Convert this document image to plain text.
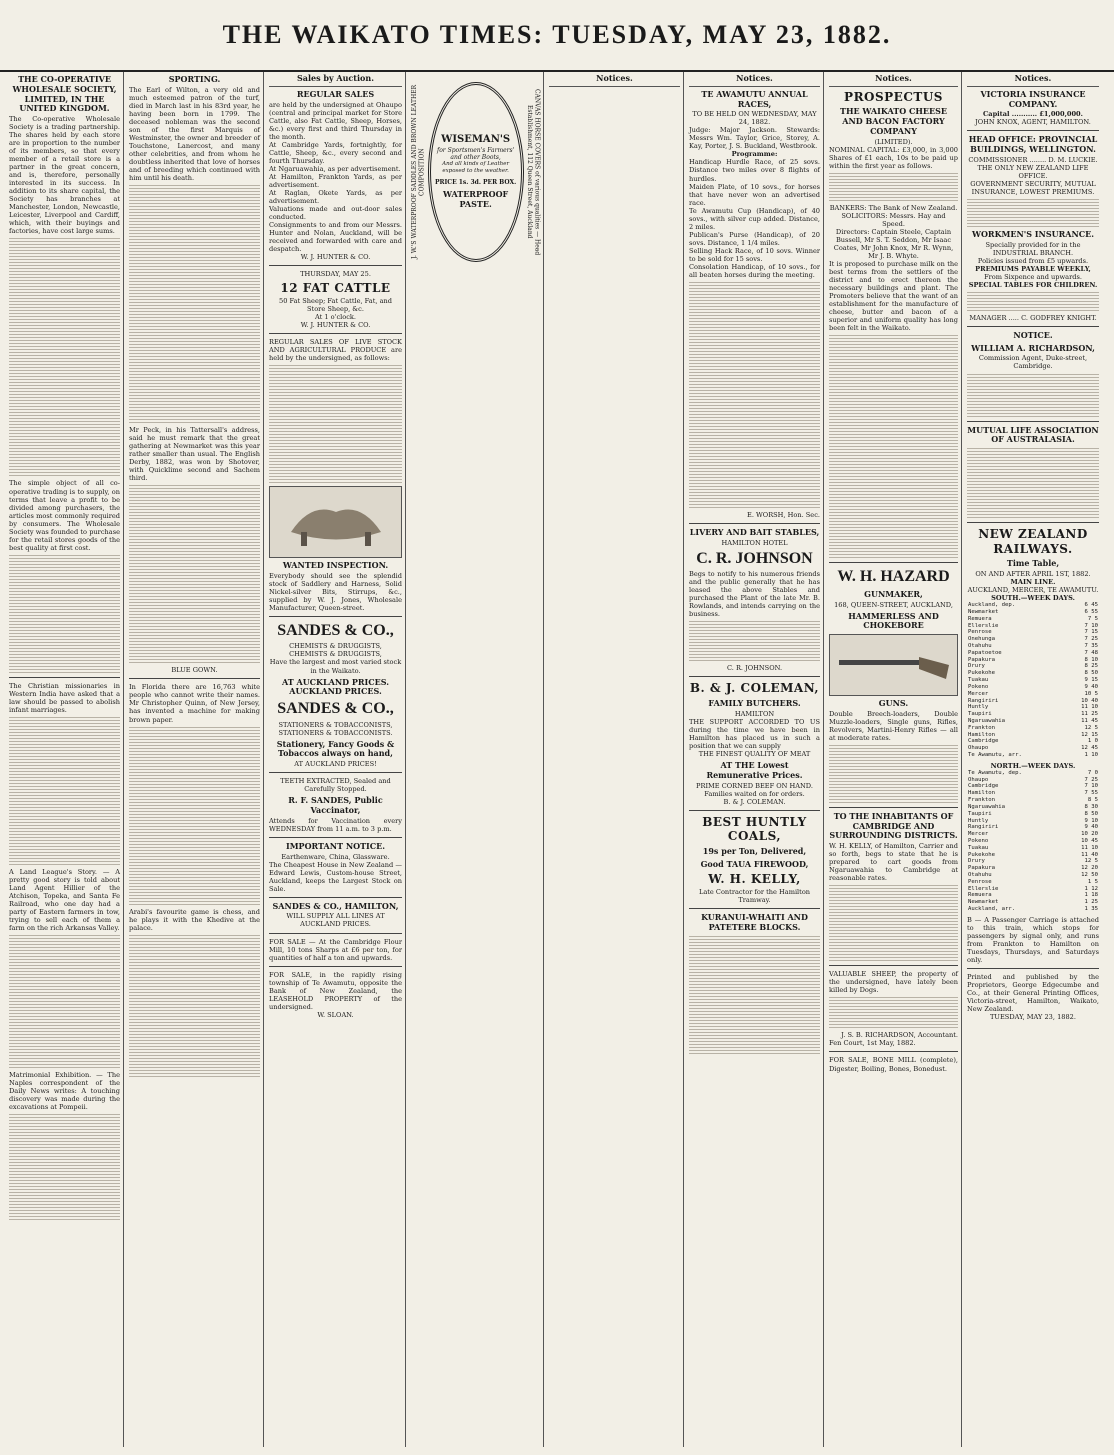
THE WAIKATO TIMES: TUESDAY, MAY 23, 1882.
THE CO-OPERATIVE WHOLESALE SOCIETY, LIMITED, IN THE UNITED KINGDOM.
The Co-operative Wholesale Society is a trading partnership. The shares held by each store are in proportion to the number of its members, so that every member of a retail store is a partner in the great concern, and is, therefore, personally interested in its success. In addition to its share capital, the Society has branches at Manchester, London, Newcastle, Leicester, Liverpool and Cardiff, which, with their buyings and factories, have cost large sums.
The simple object of all co-operative trading is to supply, on terms that leave a profit to be divided among purchasers, the articles most commonly required by consumers. The Wholesale Society was founded to purchase for the retail stores goods of the best quality at first cost.
The Christian missionaries in Western India have asked that a law should be passed to abolish infant marriages.
A Land League's Story. — A pretty good story is told about Land Agent Hillier of the Atchison, Topeka, and Santa Fe Railroad, who one day had a party of Eastern farmers in tow, trying to sell each of them a farm on the rich Arkansas Valley.
Matrimonial Exhibition. — The Naples correspondent of the Daily News writes: A touching discovery was made during the excavations at Pompeii.
SPORTING.
The Earl of Wilton, a very old and much esteemed patron of the turf, died in March last in his 83rd year, he having been born in 1799. The deceased nobleman was the second son of the first Marquis of Westminster, the owner and breeder of Touchstone, Lanercost, and many other celebrities, and from whom he doubtless inherited that love of horses and of breeding which continued with him until his death.
Mr Peck, in his Tattersall's address, said he must remark that the great gathering at Newmarket was this year rather smaller than usual. The English Derby, 1882, was won by Shotover, with Quicklime second and Sachem third.
BLUE GOWN.
In Florida there are 16,763 white people who cannot write their names. Mr Christopher Quinn, of New Jersey, has invented a machine for making brown paper.
Arabi's favourite game is chess, and he plays it with the Khedive at the palace.
Sales by Auction.
REGULAR SALES
are held by the undersigned at Ohaupo (central and principal market for Store Cattle, also Fat Cattle, Sheep, Horses, &c.) every first and third Thursday in the month.
At Cambridge Yards, fortnightly, for Cattle, Sheep, &c., every second and fourth Thursday.
At Ngaruawahia, as per advertisement.
At Hamilton, Frankton Yards, as per advertisement.
At Raglan, Okete Yards, as per advertisement.
Valuations made and out-door sales conducted.
Consignments to and from our Messrs. Hunter and Nolan, Auckland, will be received and forwarded with care and despatch.
W. J. HUNTER & CO.
THURSDAY, MAY 25.
12 FAT CATTLE
50 Fat Sheep; Fat Cattle, Fat, and Store Sheep, &c.
At 1 o'clock.
W. J. HUNTER & CO.
REGULAR SALES OF LIVE STOCK AND AGRICULTURAL PRODUCE are held by the undersigned, as follows:
WANTED INSPECTION.
Everybody should see the splendid stock of Saddlery and Harness, Solid Nickel-silver Bits, Stirrups, &c., supplied by W. J. Jones, Wholesale Manufacturer, Queen-street.
SANDES & CO.,
CHEMISTS & DRUGGISTS, CHEMISTS & DRUGGISTS,
Have the largest and most varied stock in the Waikato.
AT AUCKLAND PRICES. AUCKLAND PRICES.
SANDES & CO.,
STATIONERS & TOBACCONISTS, STATIONERS & TOBACCONISTS.
Stationery, Fancy Goods & Tobaccos always on hand,
AT AUCKLAND PRICES!
TEETH EXTRACTED, Sealed and Carefully Stopped.
R. F. SANDES, Public Vaccinator,
Attends for Vaccination every WEDNESDAY from 11 a.m. to 3 p.m.
IMPORTANT NOTICE.
Earthenware, China, Glassware.
The Cheapest House in New Zealand — Edward Lewis, Custom-house Street, Auckland, keeps the Largest Stock on Sale.
SANDES & CO., HAMILTON,
WILL SUPPLY ALL LINES AT AUCKLAND PRICES.
FOR SALE — At the Cambridge Flour Mill, 10 tons Sharps at £6 per ton, for quantities of half a ton and upwards.
FOR SALE, in the rapidly rising township of Te Awamutu, opposite the Bank of New Zealand, the LEASEHOLD PROPERTY of the undersigned.
W. SLOAN.
J. W.'S WATERPROOF SADDLES AND BROWN LEATHER COMPOSITION
WISEMAN'S
for Sportsmen's Farmers' and other Boots,
And all kinds of Leather exposed to the weather.
PRICE 1s. 3d. PER BOX.
WATERPROOF PASTE.	CANVAS HORSE COVERS of various qualities — Head Establishment, 112 Queen Street, Auckland
Notices.	Notices.
TE AWAMUTU ANNUAL RACES,
TO BE HELD ON WEDNESDAY, MAY 24, 1882.
Judge: Major Jackson. Stewards: Messrs Wm. Taylor, Grice, Storey, A. Kay, Porter, J. S. Buckland, Westbrook.
Programme:
Handicap Hurdle Race, of 25 sovs. Distance two miles over 8 flights of hurdles.
Maiden Plate, of 10 sovs., for horses that have never won an advertised race.
Te Awamutu Cup (Handicap), of 40 sovs., with silver cup added. Distance, 2 miles.
Publican's Purse (Handicap), of 20 sovs. Distance, 1 1/4 miles.
Selling Hack Race, of 10 sovs. Winner to be sold for 15 sovs.
Consolation Handicap, of 10 sovs., for all beaten horses during the meeting.
E. WORSH, Hon. Sec.
LIVERY AND BAIT STABLES,
HAMILTON HOTEL
C. R. JOHNSON
Begs to notify to his numerous friends and the public generally that he has leased the above Stables and purchased the Plant of the late Mr. B. Rowlands, and intends carrying on the business.
C. R. JOHNSON.
B. & J. COLEMAN,
FAMILY BUTCHERS.
HAMILTON
THE SUPPORT ACCORDED TO US during the time we have been in Hamilton has placed us in such a position that we can supply
THE FINEST QUALITY OF MEAT
AT THE Lowest Remunerative Prices.
PRIME CORNED BEEF ON HAND.
Families waited on for orders.
B. & J. COLEMAN.
BEST HUNTLY COALS,
19s per Ton, Delivered,
Good TAUA FIREWOOD,
W. H. KELLY,
Late Contractor for the Hamilton Tramway.
KURANUI-WHAITI AND PATETERE BLOCKS.
Notices.
PROSPECTUS
THE WAIKATO CHEESE AND BACON FACTORY COMPANY
(LIMITED).
NOMINAL CAPITAL: £3,000, in 3,000 Shares of £1 each, 10s to be paid up within the first year as follows.
BANKERS: The Bank of New Zealand.
SOLICITORS: Messrs. Hay and Speed.
Directors: Captain Steele, Captain Bussell, Mr S. T. Seddon, Mr Isaac Coates, Mr John Knox, Mr R. Wynn, Mr J. B. Whyte.
It is proposed to purchase milk on the best terms from the settlers of the district and to erect thereon the necessary buildings and plant. The Promoters believe that the want of an establishment for the manufacture of cheese, butter and bacon of a superior and uniform quality has long been felt in the Waikato.
W. H. HAZARD
GUNMAKER,
168, QUEEN-STREET, AUCKLAND,
HAMMERLESS AND CHOKEBORE
GUNS.
Double Breech-loaders, Double Muzzle-loaders, Single guns, Rifles, Revolvers, Martini-Henry Rifles — all at moderate rates.
TO THE INHABITANTS OF CAMBRIDGE AND SURROUNDING DISTRICTS.
W. H. KELLY, of Hamilton, Carrier and so forth, begs to state that he is prepared to cart goods from Ngaruawahia to Cambridge at reasonable rates.
VALUABLE SHEEP, the property of the undersigned, have lately been killed by Dogs.
J. S. B. RICHARDSON, Accountant.
Fen Court, 1st May, 1882.
FOR SALE, BONE MILL (complete), Digester, Boiling, Bones, Bonedust.
Notices.
VICTORIA INSURANCE COMPANY.
Capital ........... £1,000,000.
JOHN KNOX, AGENT, HAMILTON.
HEAD OFFICE: PROVINCIAL BUILDINGS, WELLINGTON.
COMMISSIONER ........ D. M. LUCKIE.
THE ONLY NEW ZEALAND LIFE OFFICE.
GOVERNMENT SECURITY, MUTUAL INSURANCE, LOWEST PREMIUMS.
WORKMEN'S INSURANCE.
Specially provided for in the INDUSTRIAL BRANCH.
Policies issued from £5 upwards.
PREMIUMS PAYABLE WEEKLY,
From Sixpence and upwards.
SPECIAL TABLES FOR CHILDREN.
MANAGER ..... C. GODFREY KNIGHT.
NOTICE.
WILLIAM A. RICHARDSON,
Commission Agent, Duke-street, Cambridge.
MUTUAL LIFE ASSOCIATION OF AUSTRALASIA.
NEW ZEALAND RAILWAYS.
Time Table,
ON AND AFTER APRIL 1ST, 1882.
MAIN LINE.
AUCKLAND, MERCER, TE AWAMUTU.
SOUTH.—WEEK DAYS.
Auckland, dep.	6 45
Newmarket	6 55
Remuera	7 5
Ellerslie	7 10
Penrose	7 15
Onehunga	7 25
Otahuhu	7 35
Papatoetoe	7 48
Papakura	8 10
Drury	8 25
Pukekohe	8 50
Tuakau	9 15
Pokeno	9 40
Mercer	10 5
Rangiriri	10 40
Huntly	11 10
Taupiri	11 25
Ngaruawahia	11 45
Frankton	12 5
Hamilton	12 15
Cambridge	1 0
Ohaupo	12 45
Te Awamutu, arr.	1 10
NORTH.—WEEK DAYS.
Te Awamutu, dep.	7 0
Ohaupo	7 25
Cambridge	7 10
Hamilton	7 55
Frankton	8 5
Ngaruawahia	8 30
Taupiri	8 50
Huntly	9 10
Rangiriri	9 40
Mercer	10 20
Pokeno	10 45
Tuakau	11 10
Pukekohe	11 40
Drury	12 5
Papakura	12 20
Otahuhu	12 50
Penrose	1 5
Ellerslie	1 12
Remuera	1 18
Newmarket	1 25
Auckland, arr.	1 35
B — A Passenger Carriage is attached to this train, which stops for passengers by signal only, and runs from Frankton to Hamilton on Tuesdays, Thursdays, and Saturdays only.
Printed and published by the Proprietors, George Edgecumbe and Co., at their General Printing Offices, Victoria-street, Hamilton, Waikato, New Zealand.
TUESDAY, MAY 23, 1882.
